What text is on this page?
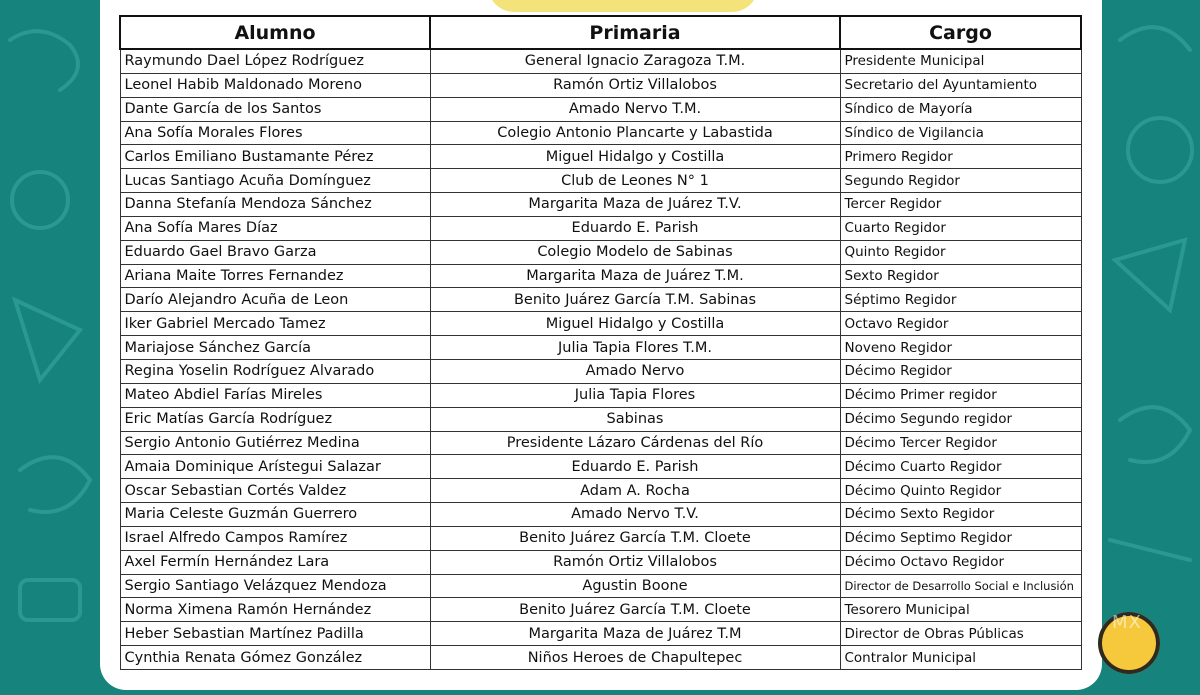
Alumno	Primaria	Cargo
Raymundo Dael López Rodríguez	General Ignacio Zaragoza T.M.	Presidente Municipal
Leonel Habib Maldonado Moreno	Ramón Ortiz Villalobos	Secretario del Ayuntamiento
Dante García de los Santos	Amado Nervo T.M.	Síndico de Mayoría
Ana Sofía Morales Flores	Colegio Antonio Plancarte y Labastida	Síndico de Vigilancia
Carlos Emiliano Bustamante Pérez	Miguel Hidalgo y Costilla	Primero Regidor
Lucas Santiago Acuña Domínguez	Club de Leones N° 1	Segundo Regidor
Danna Stefanía Mendoza Sánchez	Margarita Maza de Juárez T.V.	Tercer Regidor
Ana Sofía Mares Díaz	Eduardo E. Parish	Cuarto Regidor
Eduardo Gael Bravo Garza	Colegio Modelo de Sabinas	Quinto Regidor
Ariana Maite Torres Fernandez	Margarita Maza de Juárez T.M.	Sexto Regidor
Darío Alejandro Acuña de Leon	Benito Juárez García T.M. Sabinas	Séptimo Regidor
Iker Gabriel Mercado Tamez	Miguel Hidalgo y Costilla	Octavo Regidor
Mariajose Sánchez García	Julia Tapia Flores T.M.	Noveno Regidor
Regina Yoselin Rodríguez Alvarado	Amado Nervo	Décimo Regidor
Mateo Abdiel Farías Mireles	Julia Tapia Flores	Décimo Primer regidor
Eric Matías García Rodríguez	Sabinas	Décimo Segundo regidor
Sergio Antonio Gutiérrez Medina	Presidente Lázaro Cárdenas del Río	Décimo Tercer Regidor
Amaia Dominique Arístegui Salazar	Eduardo E. Parish	Décimo Cuarto Regidor
Oscar Sebastian Cortés Valdez	Adam A. Rocha	Décimo Quinto Regidor
Maria Celeste Guzmán Guerrero	Amado Nervo T.V.	Décimo Sexto Regidor
Israel Alfredo Campos Ramírez	Benito Juárez García T.M. Cloete	Décimo Septimo Regidor
Axel Fermín Hernández Lara	Ramón Ortiz Villalobos	Décimo Octavo Regidor
Sergio Santiago Velázquez Mendoza	Agustin Boone	Director de Desarrollo Social e Inclusión
Norma Ximena Ramón Hernández	Benito Juárez García T.M. Cloete	Tesorero Municipal
Heber Sebastian Martínez Padilla	Margarita Maza de Juárez T.M	Director de Obras Públicas
Cynthia Renata Gómez González	Niños Heroes de Chapultepec	Contralor Municipal
MX
